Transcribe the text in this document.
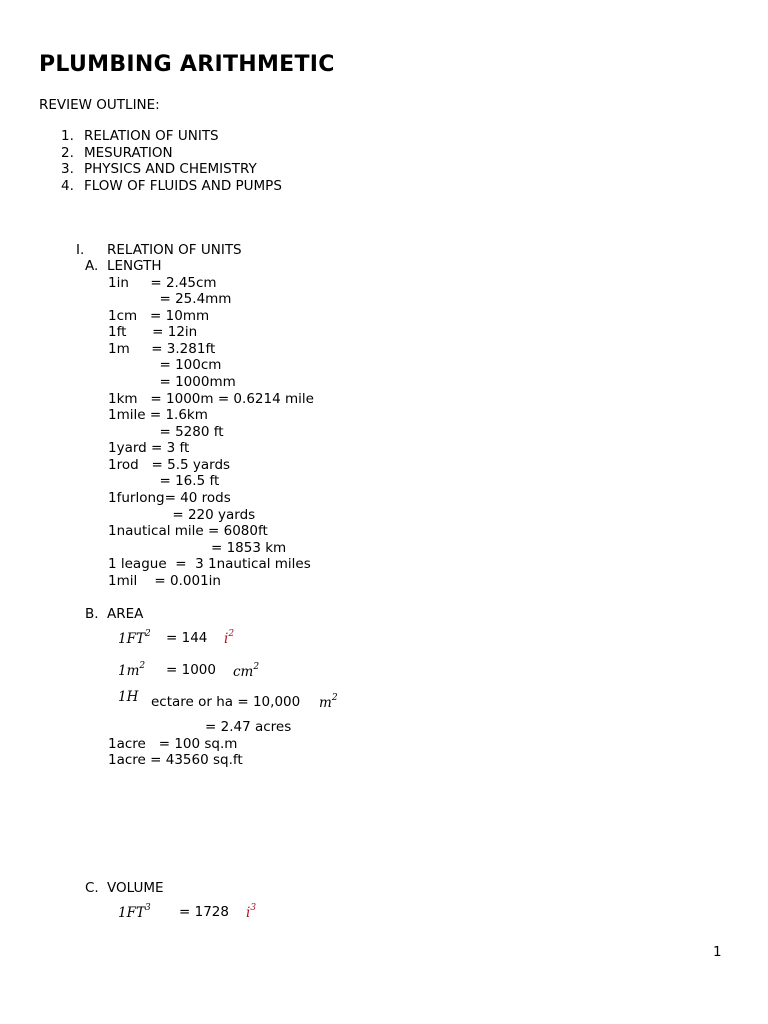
PLUMBING ARITHMETIC
REVIEW OUTLINE:
1. RELATION OF UNITS
2. MESURATION
3. PHYSICS AND CHEMISTRY
4. FLOW OF FLUIDS AND PUMPS
I. RELATION OF UNITS
A. LENGTH
1in     = 2.45cm
= 25.4mm
1cm   = 10mm
1ft      = 12in
1m     = 3.281ft
= 100cm
= 1000mm
1km   = 1000m = 0.6214 mile
1mile = 1.6km
= 5280 ft
1yard = 3 ft
1rod   = 5.5 yards
= 16.5 ft
1furlong= 40 rods
= 220 yards
1nautical mile = 6080ft
= 1853 km
1 league  =  3 1nautical miles
1mil    = 0.001in
B. AREA
$1FT^2 = 144$ $i^2$
$1m^2 = 1000$ $cm^2$
1H ectare or ha = 10,000 $m^2$
= 2.47 acres
1acre   = 100 sq.m
1acre = 43560 sq.ft
C. VOLUME
$1FT^3 = 1728$ $i^3$
1
